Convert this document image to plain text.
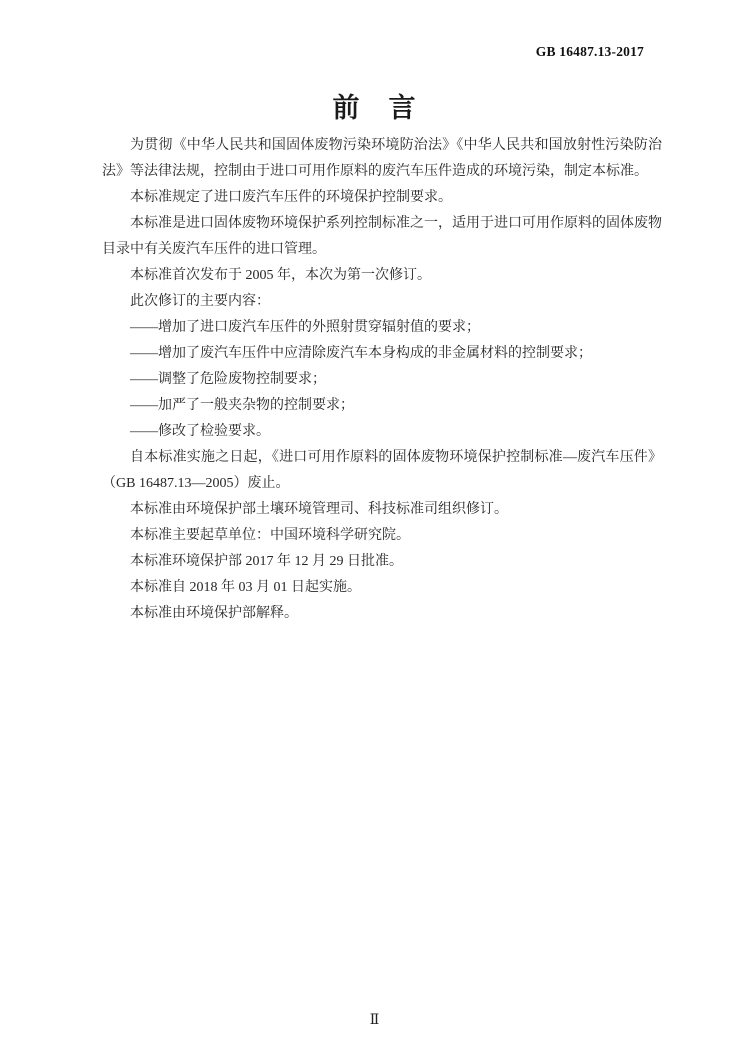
GB 16487.13-2017
前　言

为贯彻《中华人民共和国固体废物污染环境防治法》《中华人民共和国放射性污染防治法》等法律法规，控制由于进口可用作原料的废汽车压件造成的环境污染，制定本标准。

本标准规定了进口废汽车压件的环境保护控制要求。

本标准是进口固体废物环境保护系列控制标准之一，适用于进口可用作原料的固体废物目录中有关废汽车压件的进口管理。

本标准首次发布于 2005 年，本次为第一次修订。

此次修订的主要内容：

——增加了进口废汽车压件的外照射贯穿辐射值的要求；

——增加了废汽车压件中应清除废汽车本身构成的非金属材料的控制要求；

——调整了危险废物控制要求；

——加严了一般夹杂物的控制要求；

——修改了检验要求。

自本标准实施之日起，《进口可用作原料的固体废物环境保护控制标准—废汽车压件》（GB 16487.13—2005）废止。

本标准由环境保护部土壤环境管理司、科技标准司组织修订。

本标准主要起草单位：中国环境科学研究院。

本标准环境保护部 2017 年 12 月 29 日批准。

本标准自 2018 年 03 月 01 日起实施。

本标准由环境保护部解释。

Ⅱ
